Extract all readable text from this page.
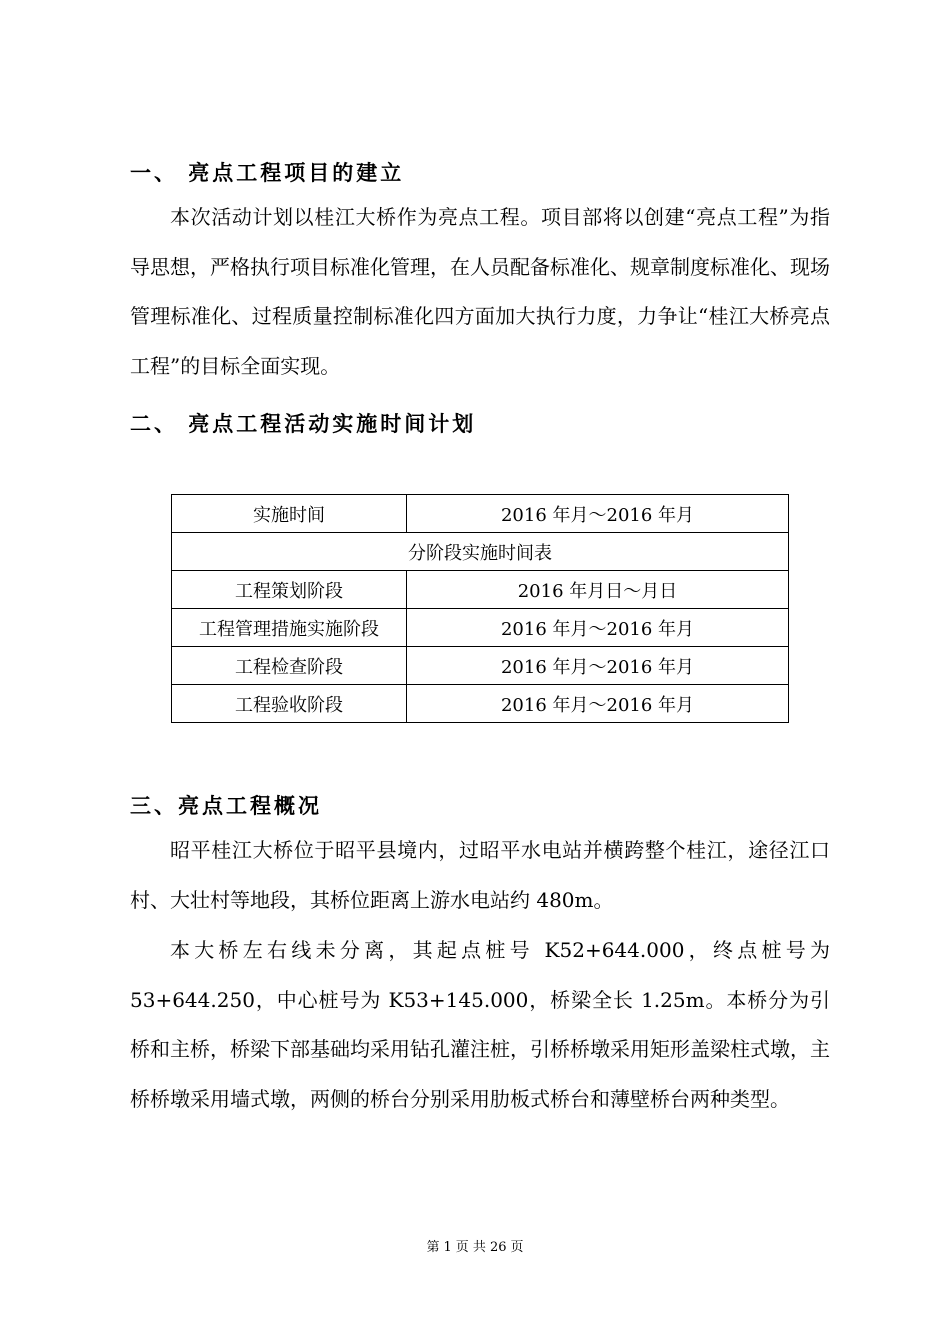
一、 亮点工程项目的建立

本次活动计划以桂江大桥作为亮点工程。项目部将以创建“亮点工程”为指导思想，严格执行项目标准化管理，在人员配备标准化、规章制度标准化、现场管理标准化、过程质量控制标准化四方面加大执行力度，力争让“桂江大桥亮点工程”的目标全面实现。

二、 亮点工程活动实施时间计划
实施时间	2016 年月～2016 年月
分阶段实施时间表	
工程策划阶段	2016 年月日～月日
工程管理措施实施阶段	2016 年月～2016 年月
工程检查阶段	2016 年月～2016 年月
工程验收阶段	2016 年月～2016 年月
三、亮点工程概况

昭平桂江大桥位于昭平县境内，过昭平水电站并横跨整个桂江，途径江口村、大壮村等地段，其桥位距离上游水电站约 480m。

本大桥左右线未分离，其起点桩号 K52+644.000，终点桩号为53+644.250，中心桩号为 K53+145.000，桥梁全长 1.25m。本桥分为引桥和主桥，桥梁下部基础均采用钻孔灌注桩，引桥桥墩采用矩形盖梁柱式墩，主桥桥墩采用墙式墩，两侧的桥台分别采用肋板式桥台和薄壁桥台两种类型。

第 1 页 共 26 页
